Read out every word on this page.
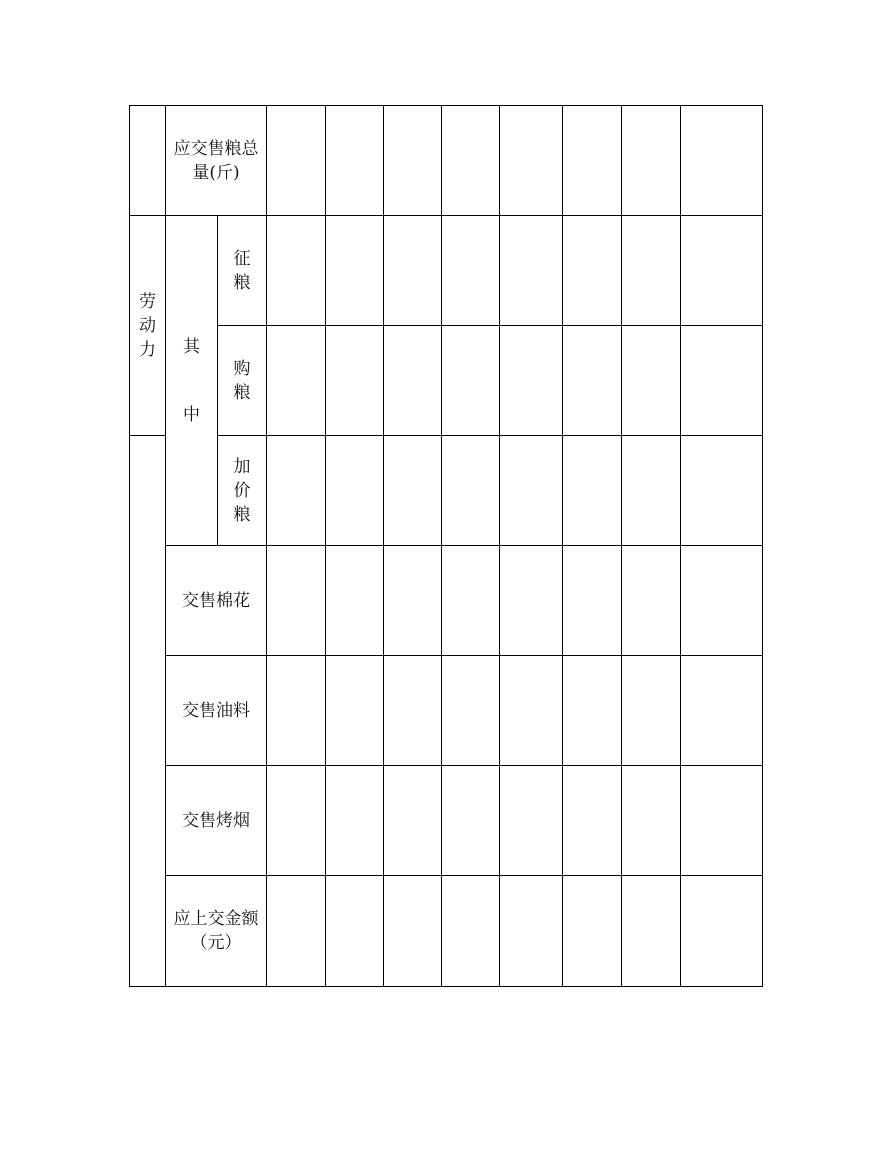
应交售粮总
量(斤)
劳
动
力 其
中
征
粮
购
粮
加
价
粮
交售棉花
交售油料
交售烤烟
应上交金额
（元）
